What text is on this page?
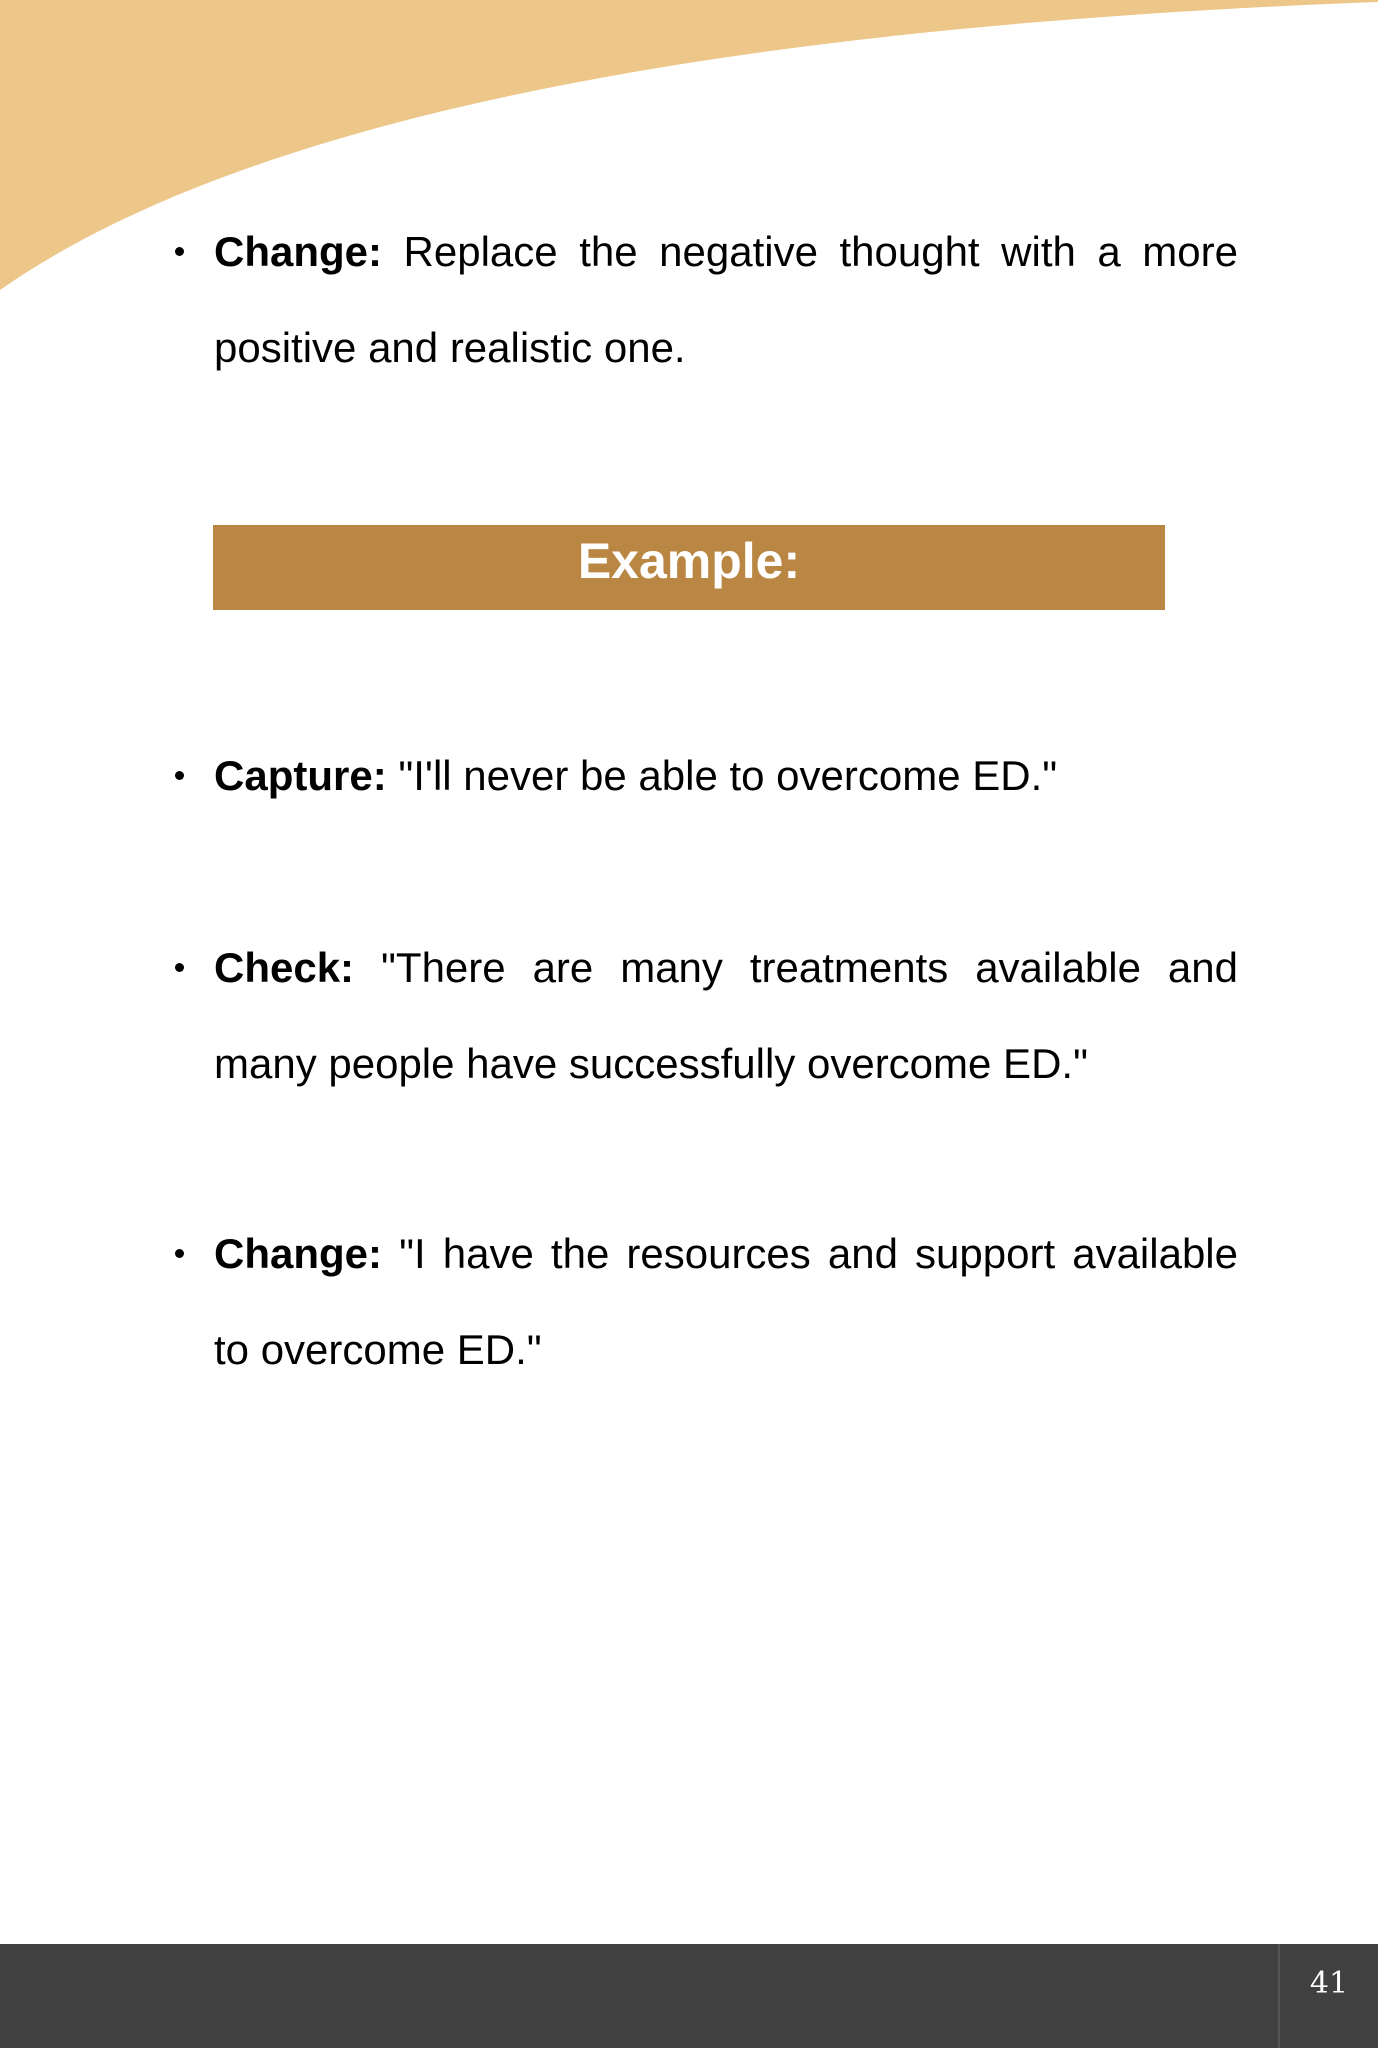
Change: Replace the negative thought with a more positive and realistic one.
Example:
Capture: "I'll never be able to overcome ED."
Check: "There are many treatments available and many people have successfully overcome ED."
Change: "I have the resources and support available to overcome ED."
41
